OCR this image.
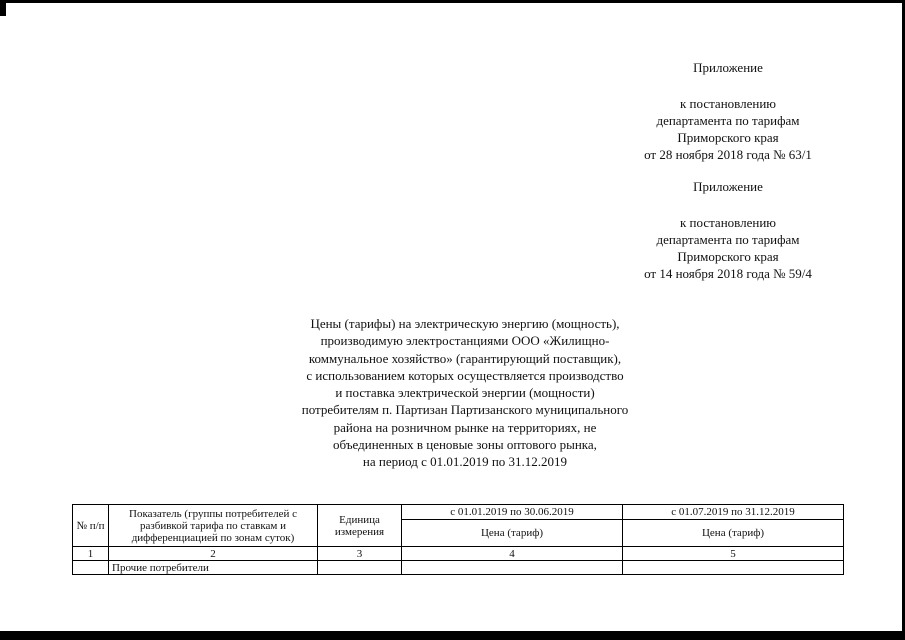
Приложение
к постановлению
департамента по тарифам
Приморского края
от 28 ноября 2018 года № 63/1
Приложение
к постановлению
департамента по тарифам
Приморского края
от 14 ноября 2018 года № 59/4
Цены (тарифы) на электрическую энергию (мощность),
производимую электростанциями ООО «Жилищно-
коммунальное хозяйство» (гарантирующий поставщик),
с использованием которых осуществляется производство
и поставка электрической энергии (мощности)
потребителям п. Партизан Партизанского муниципального
района на розничном рынке на территориях, не
объединенных в ценовые зоны оптового рынка,
на период с 01.01.2019 по 31.12.2019
№ п/п	Показатель (группы потребителей с разбивкой тарифа по ставкам и дифференциацией по зонам суток)	Единица измерения	с 01.01.2019 по 30.06.2019	с 01.07.2019 по 31.12.2019
			Цена (тариф)	Цена (тариф)
1	2	3	4	5
	Прочие потребители			
